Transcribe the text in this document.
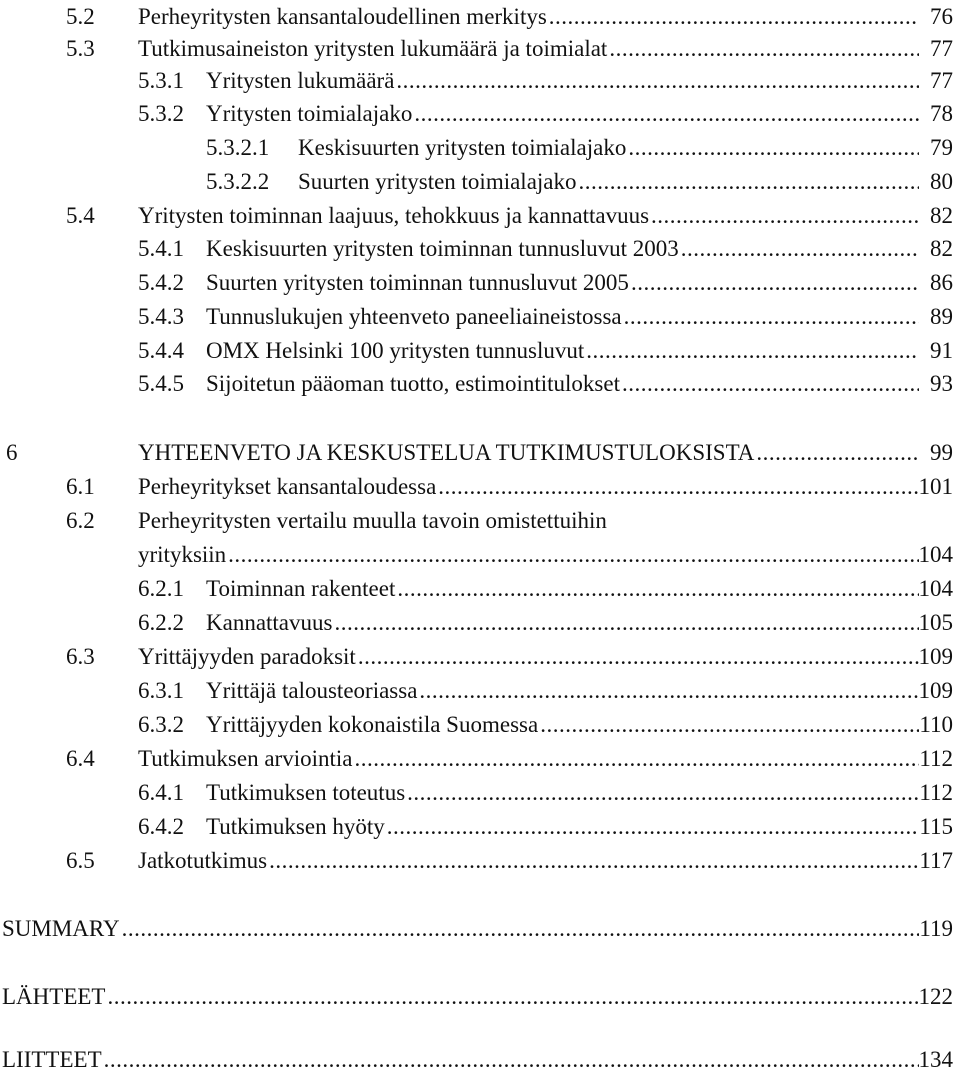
5.2 Perheyritysten kansantaloudellinen merkitys .....	76
5.3 Tutkimusaineiston yritysten lukumäärä ja toimialat .....	77
5.3.1 Yritysten lukumäärä .....	77
5.3.2 Yritysten toimialajako .....	78
5.3.2.1 Keskisuurten yritysten toimialajako .....	79
5.3.2.2 Suurten yritysten toimialajako .....	80
5.4 Yritysten toiminnan laajuus, tehokkuus ja kannattavuus .....	82
5.4.1 Keskisuurten yritysten toiminnan tunnusluvut 2003 .....	82
5.4.2 Suurten yritysten toiminnan tunnusluvut 2005 .....	86
5.4.3 Tunnuslukujen yhteenveto paneeliaineistossa .....	89
5.4.4 OMX Helsinki 100 yritysten tunnusluvut .....	91
5.4.5 Sijoitetun pääoman tuotto, estimointitulokset .....	93
6	YHTEENVETO JA KESKUSTELUA TUTKIMUSTULOKSISTA .....	99
6.1 Perheyritykset kansantaloudessa .....	101
6.2 Perheyritysten vertailu muulla tavoin omistettuihin
yrityksiin .....	104
6.2.1 Toiminnan rakenteet .....	104
6.2.2 Kannattavuus .....	105
6.3 Yrittäjyyden paradoksit .....	109
6.3.1 Yrittäjä talousteoriassa .....	109
6.3.2 Yrittäjyyden kokonaistila Suomessa .....	110
6.4 Tutkimuksen arviointia .....	112
6.4.1 Tutkimuksen toteutus .....	112
6.4.2 Tutkimuksen hyöty .....	115
6.5 Jatkotutkimus .....	117
SUMMARY .....	119
LÄHTEET .....	122
LIITTEET .....	134
